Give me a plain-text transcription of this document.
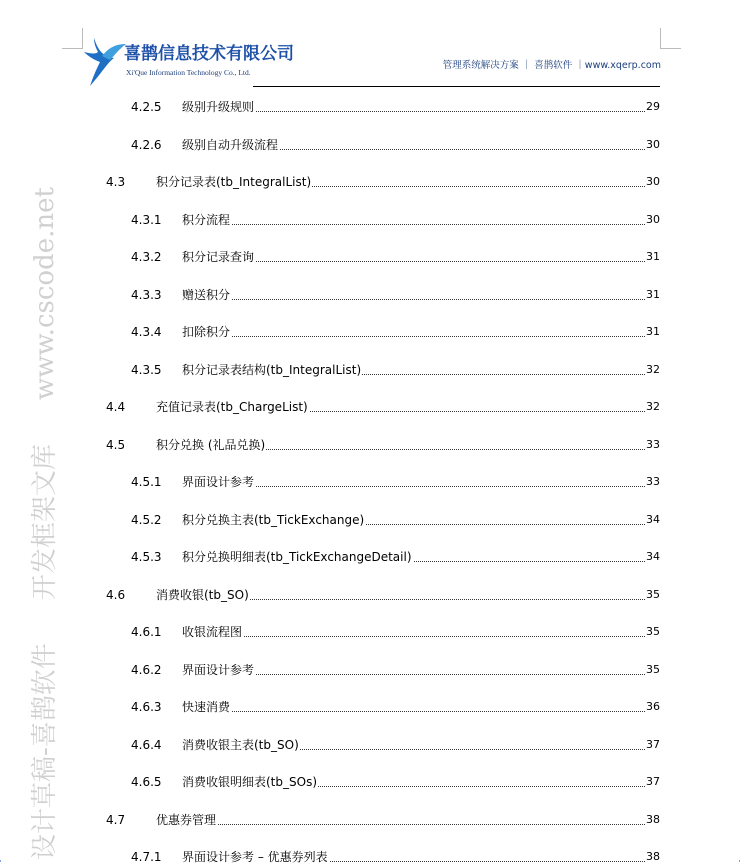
喜鹊信息技术有限公司
Xi'Que Information Technology Co., Ltd.
管理系统解决方案 ｜ 喜鹊软件 ｜www.xqerp.com
4.2.5 级别升级规则	29
4.2.6 级别自动升级流程	30
4.3	积分记录表(tb_IntegralList)	30
4.3.1 积分流程	30
4.3.2 积分记录查询	31
4.3.3 赠送积分	31
4.3.4 扣除积分	31
4.3.5 积分记录表结构(tb_IntegralList)	32
4.4	充值记录表(tb_ChargeList)	32
4.5	积分兑换 (礼品兑换)	33
4.5.1 界面设计参考	33
4.5.2 积分兑换主表(tb_TickExchange)	34
4.5.3 积分兑换明细表(tb_TickExchangeDetail)	34
4.6	消费收银(tb_SO)	35
4.6.1 收银流程图	35
4.6.2 界面设计参考	35
4.6.3 快速消费	36
4.6.4 消费收银主表(tb_SO)	37
4.6.5 消费收银明细表(tb_SOs)	37
4.7	优惠券管理	38
4.7.1 界面设计参考 – 优惠券列表	38
www.cscode.net
开发框架文库
设计草稿-喜鹊软件
